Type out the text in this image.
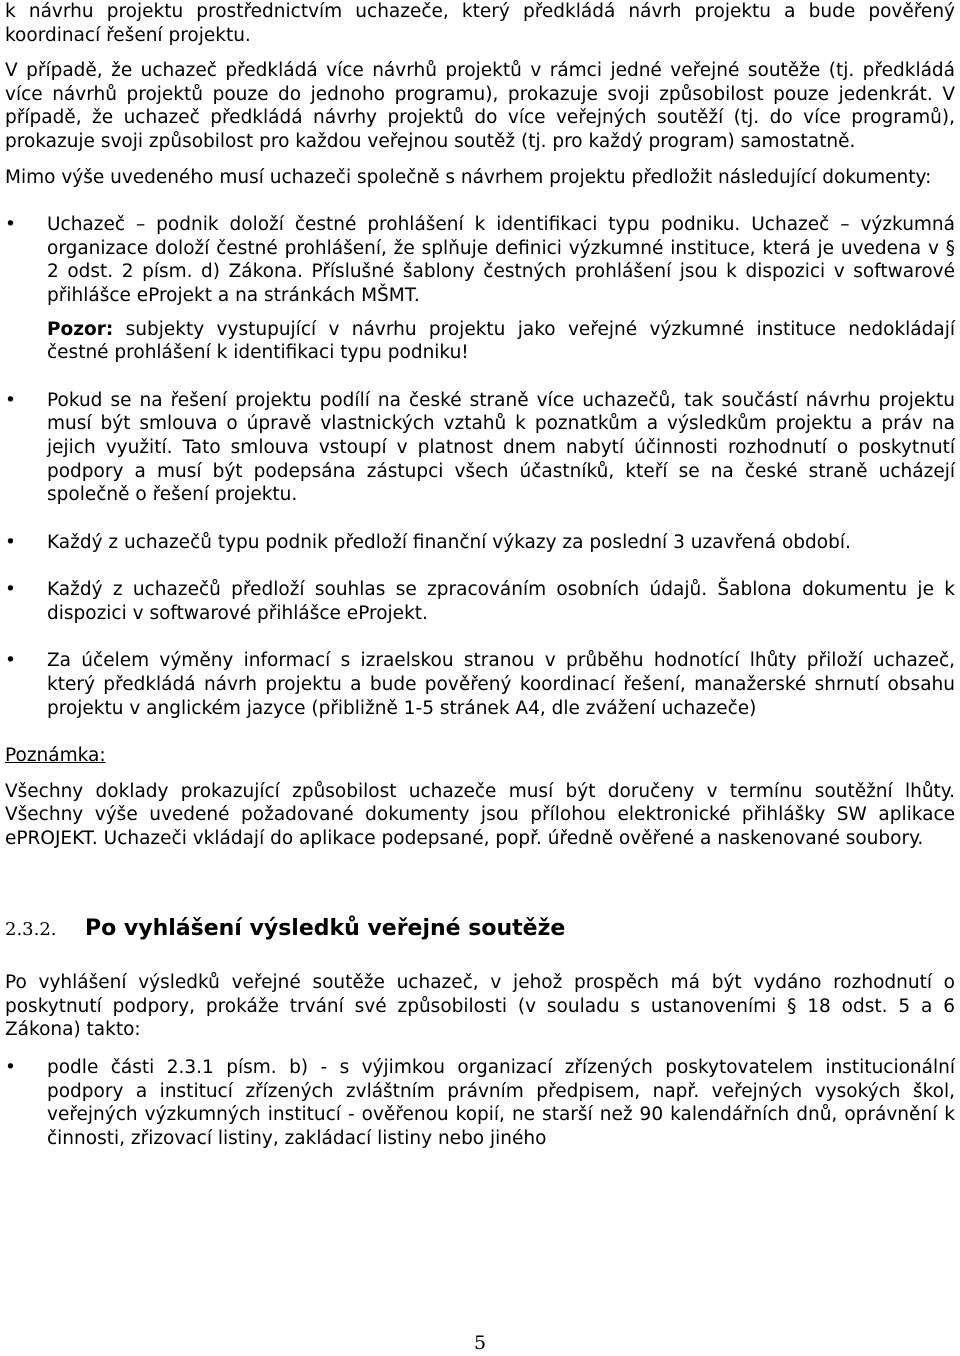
k návrhu projektu prostřednictvím uchazeče, který předkládá návrh projektu a bude pověřený koordinací řešení projektu.

V případě, že uchazeč předkládá více návrhů projektů v rámci jedné veřejné soutěže (tj. předkládá více návrhů projektů pouze do jednoho programu), prokazuje svoji způsobilost pouze jedenkrát. V případě, že uchazeč předkládá návrhy projektů do více veřejných soutěží (tj. do více programů), prokazuje svoji způsobilost pro každou veřejnou soutěž (tj. pro každý program) samostatně.

Mimo výše uvedeného musí uchazeči společně s návrhem projektu předložit následující dokumenty:

• Uchazeč – podnik doloží čestné prohlášení k identifikaci typu podniku. Uchazeč – výzkumná organizace doloží čestné prohlášení, že splňuje definici výzkumné instituce, která je uvedena v § 2 odst. 2 písm. d) Zákona. Příslušné šablony čestných prohlášení jsou k dispozici v softwarové přihlášce eProjekt a na stránkách MŠMT.

Pozor: subjekty vystupující v návrhu projektu jako veřejné výzkumné instituce nedokládají čestné prohlášení k identifikaci typu podniku!

• Pokud se na řešení projektu podílí na české straně více uchazečů, tak součástí návrhu projektu musí být smlouva o úpravě vlastnických vztahů k poznatkům a výsledkům projektu a práv na jejich využití. Tato smlouva vstoupí v platnost dnem nabytí účinnosti rozhodnutí o poskytnutí podpory a musí být podepsána zástupci všech účastníků, kteří se na české straně ucházejí společně o řešení projektu.
• Každý z uchazečů typu podnik předloží finanční výkazy za poslední 3 uzavřená období.
• Každý z uchazečů předloží souhlas se zpracováním osobních údajů. Šablona dokumentu je k dispozici v softwarové přihlášce eProjekt.
• Za účelem výměny informací s izraelskou stranou v průběhu hodnotící lhůty přiloží uchazeč, který předkládá návrh projektu a bude pověřený koordinací řešení, manažerské shrnutí obsahu projektu v anglickém jazyce (přibližně 1-5 stránek A4, dle zvážení uchazeče)

Poznámka:

Všechny doklady prokazující způsobilost uchazeče musí být doručeny v termínu soutěžní lhůty. Všechny výše uvedené požadované dokumenty jsou přílohou elektronické přihlášky SW aplikace ePROJEKT. Uchazeči vkládají do aplikace podepsané, popř. úředně ověřené a naskenované soubory.

2.3.2.	Po vyhlášení výsledků veřejné soutěže

Po vyhlášení výsledků veřejné soutěže uchazeč, v jehož prospěch má být vydáno rozhodnutí o poskytnutí podpory, prokáže trvání své způsobilosti (v souladu s ustanoveními § 18 odst. 5 a 6 Zákona) takto:

• podle části 2.3.1 písm. b) - s výjimkou organizací zřízených poskytovatelem institucionální podpory a institucí zřízených zvláštním právním předpisem, např. veřejných vysokých škol, veřejných výzkumných institucí - ověřenou kopií, ne starší než 90 kalendářních dnů, oprávnění k činnosti, zřizovací listiny, zakládací listiny nebo jiného
5
